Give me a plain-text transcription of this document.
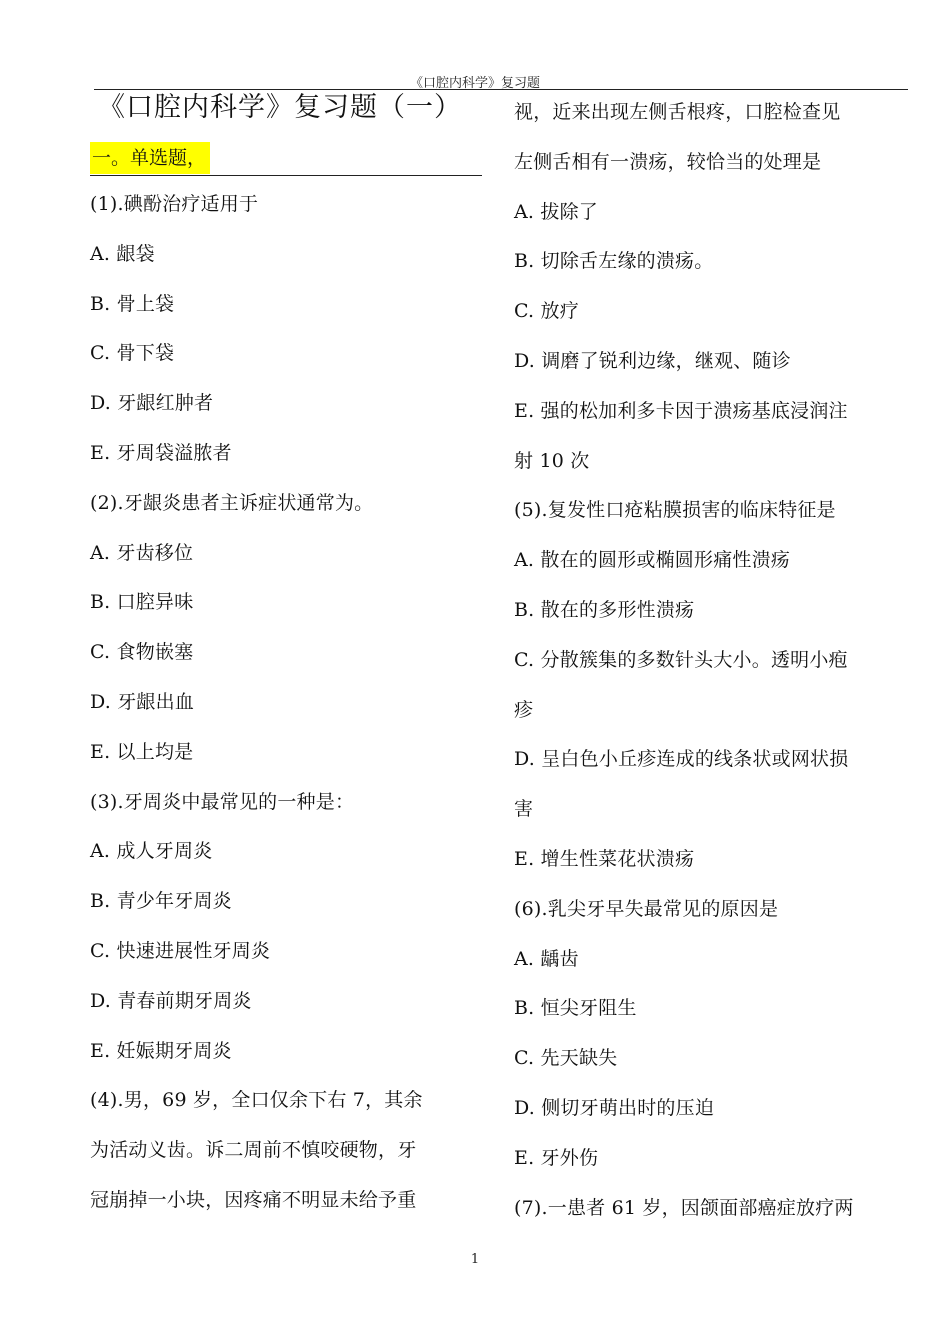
《口腔内科学》复习题
《口腔内科学》复习题（一）
一。单选题，
(1).碘酚治疗适用于
A. 龈袋
B. 骨上袋
C. 骨下袋
D. 牙龈红肿者
E. 牙周袋溢脓者
(2).牙龈炎患者主诉症状通常为。
A. 牙齿移位
B. 口腔异味
C. 食物嵌塞
D. 牙龈出血
E. 以上均是
(3).牙周炎中最常见的一种是：
A. 成人牙周炎
B. 青少年牙周炎
C. 快速进展性牙周炎
D. 青春前期牙周炎
E. 妊娠期牙周炎
(4).男，69 岁，全口仅余下右 7，其余
为活动义齿。诉二周前不慎咬硬物，牙
冠崩掉一小块，因疼痛不明显未给予重
视，近来出现左侧舌根疼，口腔检查见
左侧舌相有一溃疡，较恰当的处理是
A. 拔除了
B. 切除舌左缘的溃疡。
C. 放疗
D. 调磨了锐利边缘，继观、随诊
E. 强的松加利多卡因于溃疡基底浸润注
射 10 次
(5).复发性口疮粘膜损害的临床特征是
A. 散在的圆形或椭圆形痛性溃疡
B. 散在的多形性溃疡
C. 分散簇集的多数针头大小。透明小疱
疹
D. 呈白色小丘疹连成的线条状或网状损
害
E. 增生性菜花状溃疡
(6).乳尖牙早失最常见的原因是
A. 龋齿
B. 恒尖牙阻生
C. 先天缺失
D. 侧切牙萌出时的压迫
E. 牙外伤
(7).一患者 61 岁，因颌面部癌症放疗两
1
